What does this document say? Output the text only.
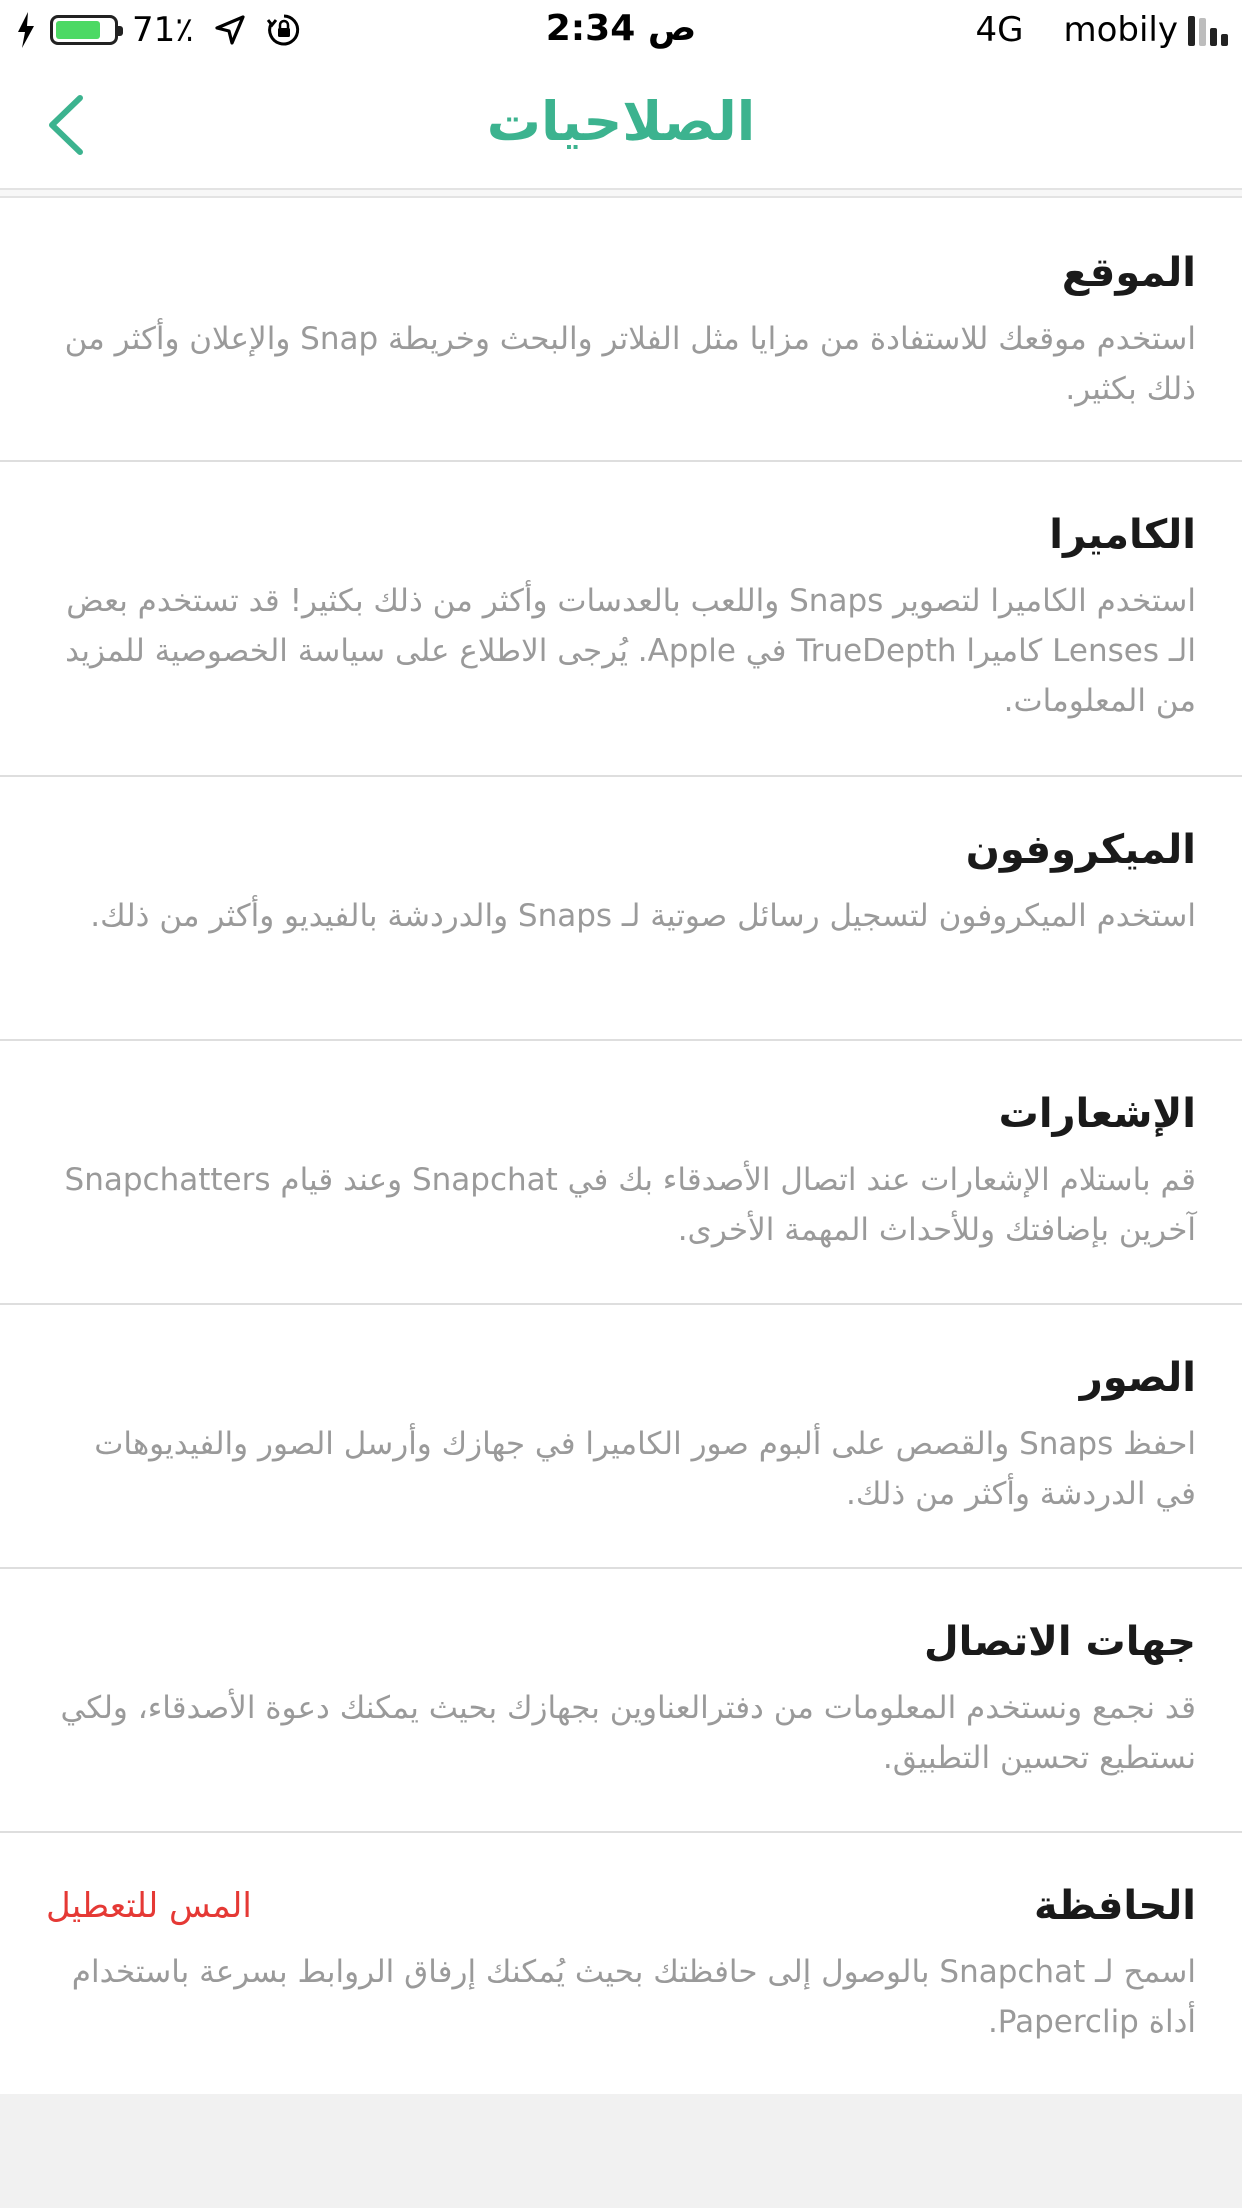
71٪	2:34 ص	4G mobily
الصلاحيات
الموقع
استخدم موقعك للاستفادة من مزايا مثل الفلاتر والبحث وخريطة Snap والإعلان وأكثر من ذلك بكثير.
الكاميرا
استخدم الكاميرا لتصوير Snaps واللعب بالعدسات وأكثر من ذلك بكثير! قد تستخدم بعض الـ Lenses كاميرا TrueDepth في Apple. يُرجى الاطلاع على سياسة الخصوصية للمزيد من المعلومات.
الميكروفون
استخدم الميكروفون لتسجيل رسائل صوتية لـ Snaps والدردشة بالفيديو وأكثر من ذلك.
الإشعارات
قم باستلام الإشعارات عند اتصال الأصدقاء بك في Snapchat وعند قيام Snapchatters آخرين بإضافتك وللأحداث المهمة الأخرى.
الصور
احفظ Snaps والقصص على ألبوم صور الكاميرا في جهازك وأرسل الصور والفيديوهات في الدردشة وأكثر من ذلك.
جهات الاتصال
قد نجمع ونستخدم المعلومات من دفترالعناوين بجهازك بحيث يمكنك دعوة الأصدقاء، ولكي نستطيع تحسين التطبيق.
الحافظة
المس للتعطيل
اسمح لـ Snapchat بالوصول إلى حافظتك بحيث يُمكنك إرفاق الروابط بسرعة باستخدام أداة Paperclip.
